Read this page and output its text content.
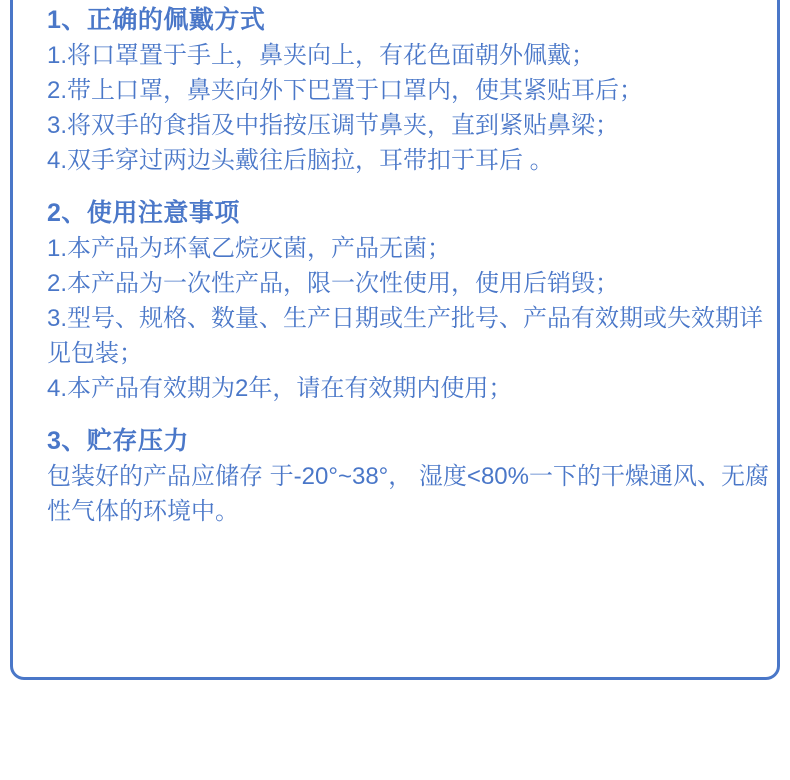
1、正确的佩戴方式

1.将口罩置于手上，鼻夹向上，有花色面朝外佩戴；

2.带上口罩，鼻夹向外下巴置于口罩内，使其紧贴耳后；

3.将双手的食指及中指按压调节鼻夹，直到紧贴鼻梁；

4.双手穿过两边头戴往后脑拉，耳带扣于耳后 。

2、使用注意事项

1.本产品为环氧乙烷灭菌，产品无菌；

2.本产品为一次性产品，限一次性使用，使用后销毁；

3.型号、规格、数量、生产日期或生产批号、产品有效期或失效期详见包装；

4.本产品有效期为2年，请在有效期内使用；

3、贮存压力

包装好的产品应储存 于-20°~38°， 湿度<80%一下的干燥通风、无腐性气体的环境中。
